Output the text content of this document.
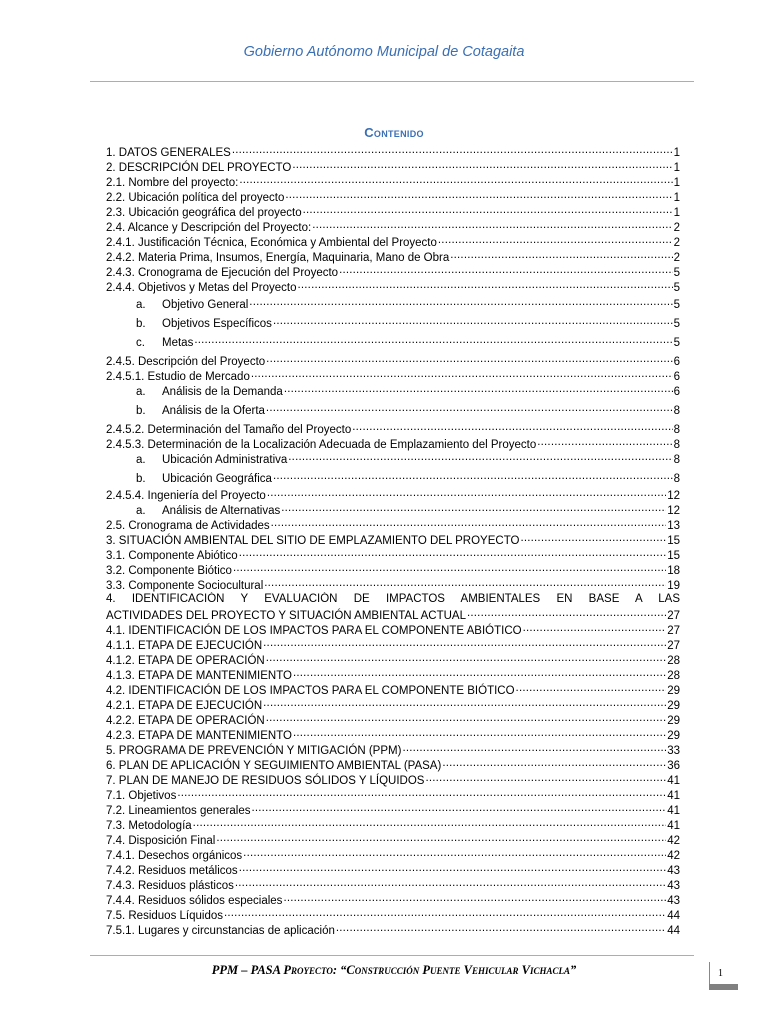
Gobierno Autónomo Municipal de Cotagaita
Contenido
1. DATOS GENERALES .....	1
2. DESCRIPCIÓN DEL PROYECTO .....	1
2.1. Nombre del proyecto: .....	1
2.2. Ubicación política del proyecto .....	1
2.3. Ubicación geográfica del proyecto .....	1
2.4. Alcance y Descripción del Proyecto: .....	2
2.4.1. Justificación Técnica, Económica y Ambiental del Proyecto .....	2
2.4.2. Materia Prima, Insumos, Energía, Maquinaria, Mano de Obra .....	2
2.4.3. Cronograma de Ejecución del Proyecto .....	5
2.4.4. Objetivos y Metas del Proyecto .....	5
a.	Objetivo General .....	5
b.	Objetivos Específicos .....	5
c.	Metas .....	5
2.4.5. Descripción del Proyecto .....	6
2.4.5.1. Estudio de Mercado .....	6
a.	Análisis de la Demanda .....	6
b.	Análisis de la Oferta .....	8
2.4.5.2. Determinación del Tamaño del Proyecto .....	8
2.4.5.3. Determinación de la Localización Adecuada de Emplazamiento del Proyecto .....	8
a.	Ubicación Administrativa .....	8
b.	Ubicación Geográfica .....	8
2.4.5.4. Ingeniería del Proyecto .....	12
a.	Análisis de Alternativas .....	12
2.5. Cronograma de Actividades .....	13
3. SITUACIÓN AMBIENTAL DEL SITIO DE EMPLAZAMIENTO DEL PROYECTO .....	15
3.1. Componente Abiótico .....	15
3.2. Componente Biótico .....	18
3.3. Componente Sociocultural .....	19
4. IDENTIFICACIÓN Y EVALUACIÓN DE IMPACTOS AMBIENTALES EN BASE A LAS
ACTIVIDADES DEL PROYECTO Y SITUACIÓN AMBIENTAL ACTUAL .....	27
4.1. IDENTIFICACIÓN DE LOS IMPACTOS PARA EL COMPONENTE ABIÓTICO .....	27
4.1.1. ETAPA DE EJECUCIÓN .....	27
4.1.2. ETAPA DE OPERACIÓN .....	28
4.1.3. ETAPA DE MANTENIMIENTO .....	28
4.2. IDENTIFICACIÓN DE LOS IMPACTOS PARA EL COMPONENTE BIÓTICO .....	29
4.2.1. ETAPA DE EJECUCIÓN .....	29
4.2.2. ETAPA DE OPERACIÓN .....	29
4.2.3. ETAPA DE MANTENIMIENTO .....	29
5. PROGRAMA DE PREVENCIÓN Y MITIGACIÓN (PPM) .....	33
6. PLAN DE APLICACIÓN Y SEGUIMIENTO AMBIENTAL (PASA) .....	36
7. PLAN DE MANEJO DE RESIDUOS SÓLIDOS Y LÍQUIDOS .....	41
7.1. Objetivos .....	41
7.2. Lineamientos generales .....	41
7.3. Metodología .....	41
7.4. Disposición Final .....	42
7.4.1. Desechos orgánicos .....	42
7.4.2. Residuos metálicos .....	43
7.4.3. Residuos plásticos .....	43
7.4.4. Residuos sólidos especiales .....	43
7.5. Residuos Líquidos .....	44
7.5.1. Lugares y circunstancias de aplicación .....	44
PPM – PASA Proyecto: “Construcción Puente Vehicular Vichacla”	1
